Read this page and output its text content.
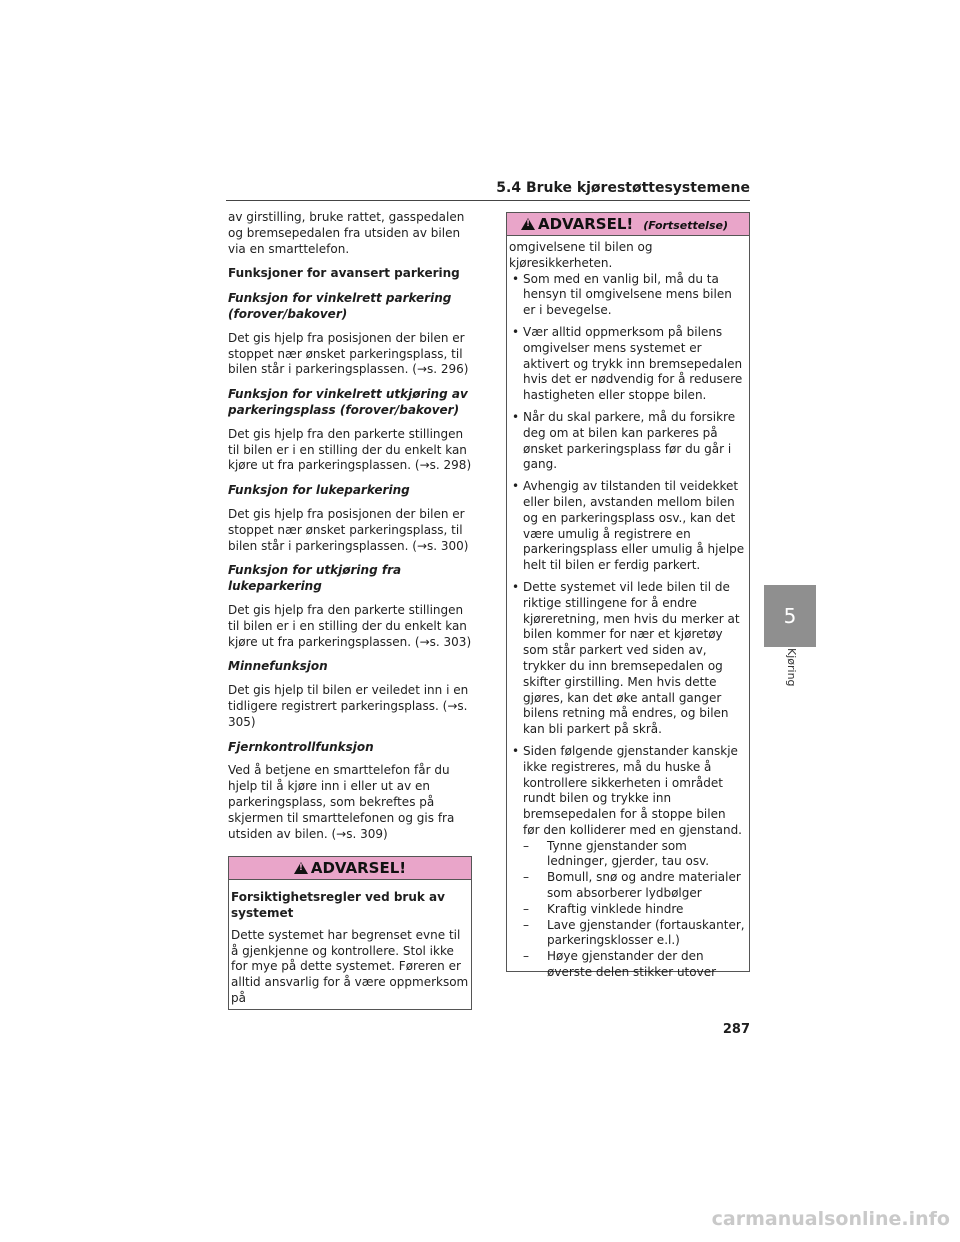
5.4 Bruke kjørestøttesystemene

av girstilling, bruke rattet, gasspedalen og bremsepedalen fra utsiden av bilen via en smarttelefon.

Funksjoner for avansert parkering

Funksjon for vinkelrett parkering (forover/bakover)

Det gis hjelp fra posisjonen der bilen er stoppet nær ønsket parkeringsplass, til bilen står i parkeringsplassen. (→s. 296)

Funksjon for vinkelrett utkjøring av parkeringsplass (forover/bakover)

Det gis hjelp fra den parkerte stillingen til bilen er i en stilling der du enkelt kan kjøre ut fra parkeringsplassen. (→s. 298)

Funksjon for lukeparkering

Det gis hjelp fra posisjonen der bilen er stoppet nær ønsket parkeringsplass, til bilen står i parkeringsplassen. (→s. 300)

Funksjon for utkjøring fra lukeparkering

Det gis hjelp fra den parkerte stillingen til bilen er i en stilling der du enkelt kan kjøre ut fra parkeringsplassen. (→s. 303)

Minnefunksjon

Det gis hjelp til bilen er veiledet inn i en tidligere registrert parkeringsplass. (→s. 305)

Fjernkontrollfunksjon

Ved å betjene en smarttelefon får du hjelp til å kjøre inn i eller ut av en parkeringsplass, som bekreftes på skjermen til smarttelefonen og gis fra utsiden av bilen. (→s. 309)

!ADVARSEL!

Forsiktighetsregler ved bruk av systemet

Dette systemet har begrenset evne til å gjenkjenne og kontrollere. Stol ikke for mye på dette systemet. Føreren er alltid ansvarlig for å være oppmerksom på

!ADVARSEL! (Fortsettelse)
omgivelsene til bilen og kjøresikkerheten.
• Som med en vanlig bil, må du ta hensyn til omgivelsene mens bilen er i bevegelse.
• Vær alltid oppmerksom på bilens omgivelser mens systemet er aktivert og trykk inn bremsepedalen hvis det er nødvendig for å redusere hastigheten eller stoppe bilen.
• Når du skal parkere, må du forsikre deg om at bilen kan parkeres på ønsket parkeringsplass før du går i gang.
• Avhengig av tilstanden til veidekket eller bilen, avstanden mellom bilen og en parkeringsplass osv., kan det være umulig å registrere en parkeringsplass eller umulig å hjelpe helt til bilen er ferdig parkert.
• Dette systemet vil lede bilen til de riktige stillingene for å endre kjøreretning, men hvis du merker at bilen kommer for nær et kjøretøy som står parkert ved siden av, trykker du inn bremsepedalen og skifter girstilling. Men hvis dette gjøres, kan det øke antall ganger bilens retning må endres, og bilen kan bli parkert på skrå.
• Siden følgende gjenstander kanskje ikke registreres, må du huske å kontrollere sikkerheten i området rundt bilen og trykke inn bremsepedalen for å stoppe bilen før den kolliderer med en gjenstand.
– Tynne gjenstander som ledninger, gjerder, tau osv.
– Bomull, snø og andre materialer som absorberer lydbølger
– Kraftig vinklede hindre
– Lave gjenstander (fortauskanter, parkeringsklosser e.l.)
– Høye gjenstander der den øverste delen stikker utover
5
Kjøring
287
carmanualsonline.info
